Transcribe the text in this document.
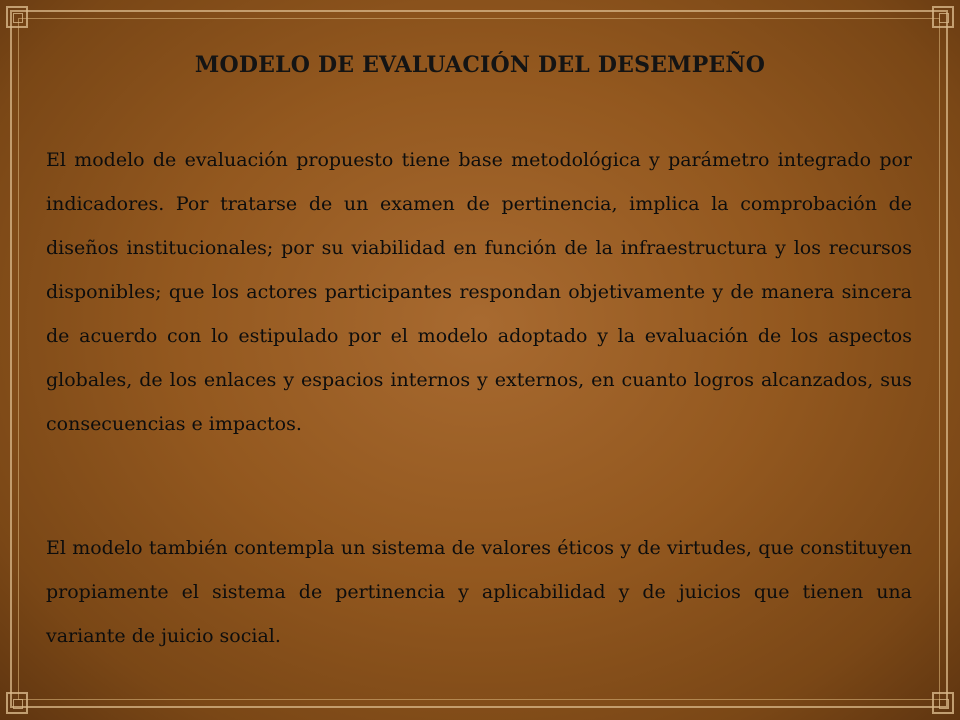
MODELO DE EVALUACIÓN DEL DESEMPEÑO

El modelo de evaluación propuesto tiene base metodológica y parámetro integrado por indicadores. Por tratarse de un examen de pertinencia, implica la comprobación de diseños institucionales; por su viabilidad en función de la infraestructura y los recursos disponibles; que los actores participantes respondan objetivamente y de manera sincera de acuerdo con lo estipulado por el modelo adoptado y la evaluación de los aspectos globales, de los enlaces y espacios internos y externos, en cuanto logros alcanzados, sus consecuencias e impactos.

El modelo también contempla un sistema de valores éticos y de virtudes, que constituyen propiamente el sistema de pertinencia y aplicabilidad y de juicios que tienen una variante de juicio social.
